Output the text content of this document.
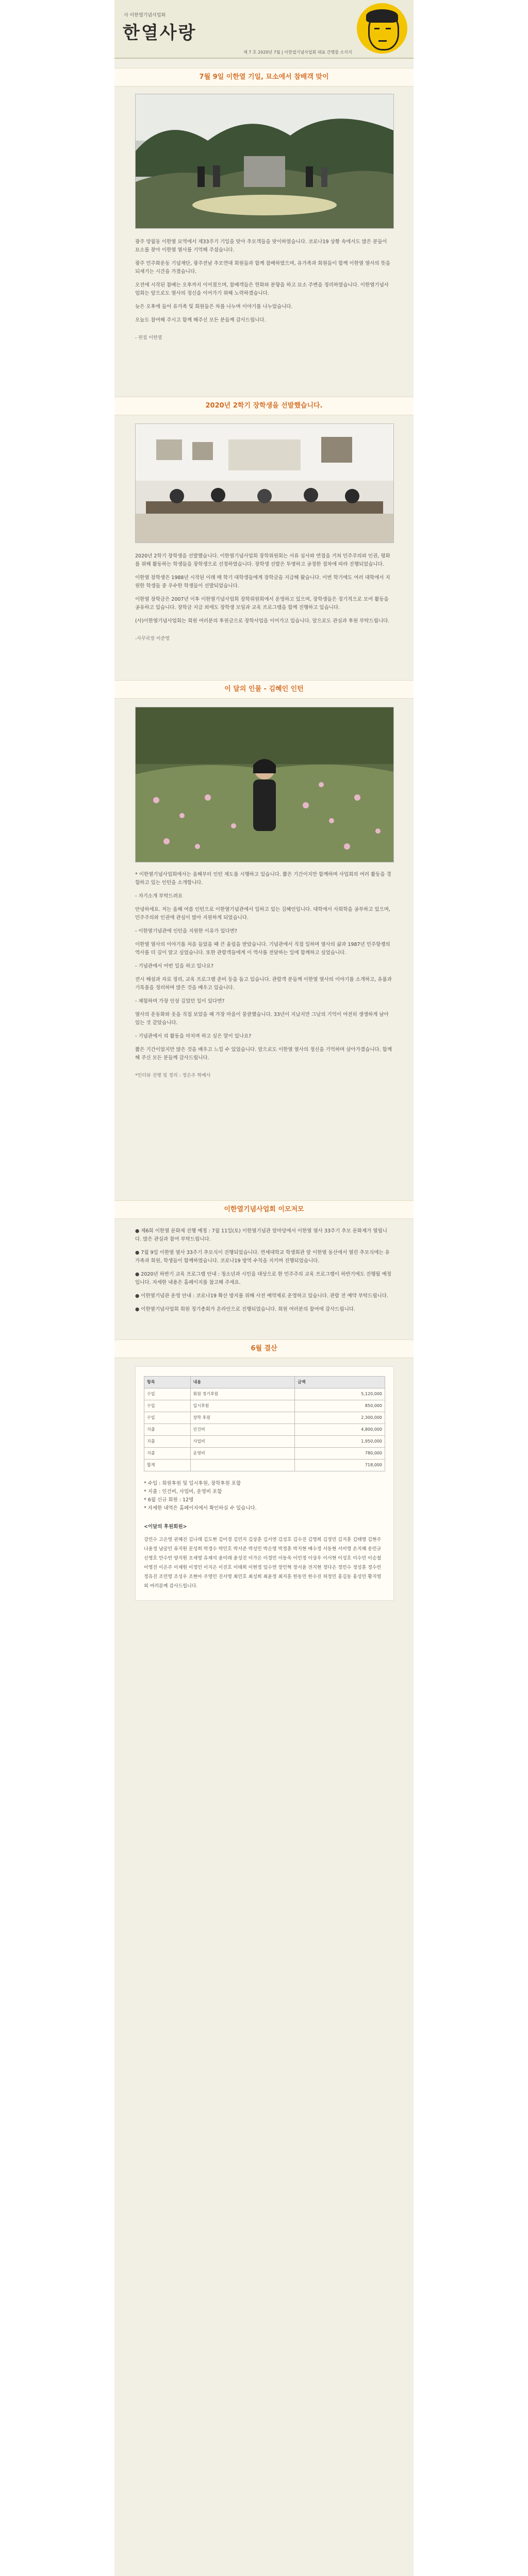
사 이한열기념사업회
한열사랑
제 7 호 2020년 7월 | 이한열기념사업회 대표 간행물 소식지
7월 9일 이한열 기일, 묘소에서 참배객 맞이

광주 망월동 이한열 묘역에서 제33주기 기일을 맞아 추모객들을 맞이하였습니다. 코로나19 상황 속에서도 많은 분들이 묘소를 찾아 이한열 열사를 기억해 주셨습니다.

광주 민주화운동 기념재단, 광주전남 추모연대 회원들과 함께 참배하였으며, 유가족과 회원들이 함께 이한열 열사의 뜻을 되새기는 시간을 가졌습니다.

오전에 시작된 참배는 오후까지 이어졌으며, 참배객들은 헌화와 분향을 하고 묘소 주변을 정리하였습니다. 이한열기념사업회는 앞으로도 열사의 정신을 이어가기 위해 노력하겠습니다.

늦은 오후에 들어 유가족 및 회원들은 차를 나누며 이야기를 나누었습니다.

오늘도 참여해 주시고 함께 해주신 모든 분들께 감사드립니다.

- 편집 이한열

2020년 2학기 장학생을 선발했습니다.

2020년 2학기 장학생을 선발했습니다. 이한열기념사업회 장학위원회는 서류 심사와 면접을 거쳐 민주주의와 인권, 평화를 위해 활동하는 학생들을 장학생으로 선정하였습니다. 장학생 선발은 투명하고 공정한 절차에 따라 진행되었습니다.

이한열 장학생은 1988년 시작된 이래 매 학기 대학생들에게 장학금을 지급해 왔습니다. 이번 학기에도 여러 대학에서 지원한 학생들 중 우수한 학생들이 선발되었습니다.

이한열 장학금은 2007년 이후 이한열기념사업회 장학위원회에서 운영하고 있으며, 장학생들은 정기적으로 모여 활동을 공유하고 있습니다. 장학금 지급 외에도 장학생 모임과 교육 프로그램을 함께 진행하고 있습니다.

(사)이한열기념사업회는 회원 여러분의 후원금으로 장학사업을 이어가고 있습니다. 앞으로도 관심과 후원 부탁드립니다.

-사무국장 이준영

이 달의 인물 - 김혜인 인턴

* 이한열기념사업회에서는 올해부터 인턴 제도를 시행하고 있습니다. 짧은 기간이지만 함께하며 사업회의 여러 활동을 경험하고 있는 인턴을 소개합니다.

- 자기소개 부탁드려요

안녕하세요. 저는 올해 여름 인턴으로 이한열기념관에서 일하고 있는 김혜인입니다. 대학에서 사회학을 공부하고 있으며, 민주주의와 인권에 관심이 많아 지원하게 되었습니다.

- 이한열기념관에 인턴을 지원한 이유가 있다면?

이한열 열사의 이야기를 처음 들었을 때 큰 울림을 받았습니다. 기념관에서 직접 일하며 열사의 삶과 1987년 민주항쟁의 역사를 더 깊이 알고 싶었습니다. 또한 관람객들에게 이 역사를 전달하는 일에 함께하고 싶었습니다.

- 기념관에서 어떤 일을 하고 있나요?

전시 해설과 자료 정리, 교육 프로그램 준비 등을 돕고 있습니다. 관람객 분들께 이한열 열사의 이야기를 소개하고, 유품과 기록물을 정리하며 많은 것을 배우고 있습니다.

- 체험하며 가장 인상 깊었던 일이 있다면?

열사의 운동화와 옷을 직접 보았을 때 가장 마음이 뭉클했습니다. 33년이 지났지만 그날의 기억이 여전히 생생하게 남아 있는 것 같았습니다.

- 기념관에서 의 활동을 마치며 하고 싶은 말이 있나요?

짧은 기간이었지만 많은 것을 배우고 느낄 수 있었습니다. 앞으로도 이한열 열사의 정신을 기억하며 살아가겠습니다. 함께해 주신 모든 분들께 감사드립니다.

*인터뷰 진행 및 정리 : 정은주 학예사

이한열기념사업회 이모저모

● 제6회 이한열 문화제 진행 예정 : 7월 11일(토) 이한열기념관 앞마당에서 이한열 열사 33주기 추모 문화제가 열립니다. 많은 관심과 참여 부탁드립니다.

● 7월 9일 이한열 열사 33주기 추모식이 진행되었습니다. 연세대학교 학생회관 앞 이한열 동산에서 열린 추모식에는 유가족과 회원, 학생들이 함께하였습니다. 코로나19 방역 수칙을 지키며 진행되었습니다.

● 2020년 하반기 교육 프로그램 안내 : 청소년과 시민을 대상으로 한 민주주의 교육 프로그램이 하반기에도 진행될 예정입니다. 자세한 내용은 홈페이지를 참고해 주세요.

● 이한열기념관 운영 안내 : 코로나19 확산 방지를 위해 사전 예약제로 운영하고 있습니다. 관람 전 예약 부탁드립니다.

● 이한열기념사업회 회원 정기총회가 온라인으로 진행되었습니다. 회원 여러분의 참여에 감사드립니다.

6월 결산
항목	내용	금액
수입	회원 정기후원	5,120,000
수입	일시후원	850,000
수입	장학 후원	2,300,000
지출	인건비	4,800,000
지출	사업비	1,950,000
지출	운영비	780,000
합계		718,000
* 수입 : 회원후원 및 일시후원, 장학후원 포함
* 지출 : 인건비, 사업비, 운영비 포함
* 6월 신규 회원 : 12명
* 자세한 내역은 홈페이지에서 확인하실 수 있습니다.
<이달의 후원회원>
강민수 고은영 권혜진 김나래 김도현 김미경 김민지 김상훈 김서연 김성호 김수진 김영희 김정민 김지훈 김태영 김현주 나윤정 남궁민 류지원 문성희 박경수 박민호 박서준 박성민 박은영 박정훈 박지현 배수정 서동현 서미영 손지혜 송민규 신영호 안수빈 양지원 오세영 유재석 윤미래 윤성진 이가은 이경민 이동욱 이민정 이상우 이서현 이성호 이수민 이승철 이영진 이은주 이재원 이정민 이지은 이진호 이태희 이현정 임수연 장민혁 장서윤 전지현 정다은 정민수 정성훈 정수빈 정유진 조민영 조성우 조현아 주영민 진서영 최민호 최성희 최윤정 최지훈 한동민 한수진 허정민 홍길동 홍성민 황지영 외 여러분께 감사드립니다.
